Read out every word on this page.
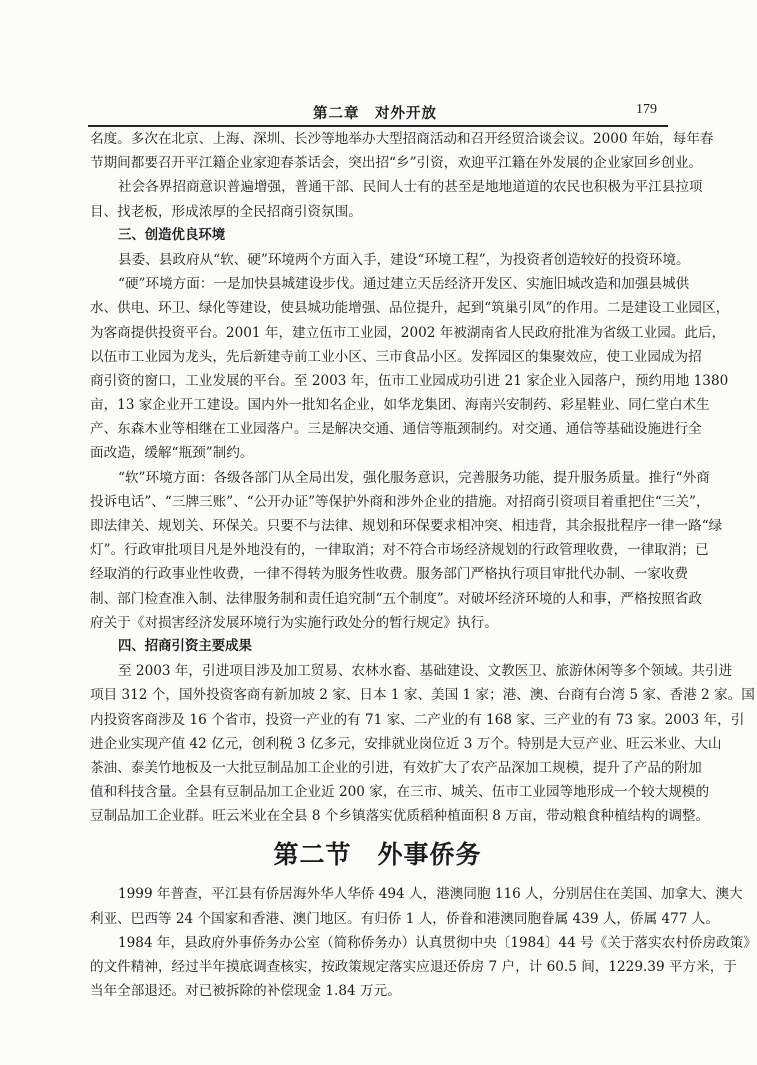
第二章　对外开放	179
名度。多次在北京、上海、深圳、长沙等地举办大型招商活动和召开经贸洽谈会议。2000 年始，每年春
节期间都要召开平江籍企业家迎春茶话会，突出招“乡”引资，欢迎平江籍在外发展的企业家回乡创业。
社会各界招商意识普遍增强，普通干部、民间人士有的甚至是地地道道的农民也积极为平江县拉项
目、找老板，形成浓厚的全民招商引资氛围。
三、创造优良环境
县委、县政府从“软、硬”环境两个方面入手，建设“环境工程”，为投资者创造较好的投资环境。
“硬”环境方面：一是加快县城建设步伐。通过建立天岳经济开发区、实施旧城改造和加强县城供
水、供电、环卫、绿化等建设，使县城功能增强、品位提升，起到“筑巢引凤”的作用。二是建设工业园区，
为客商提供投资平台。2001 年，建立伍市工业园，2002 年被湖南省人民政府批准为省级工业园。此后，
以伍市工业园为龙头，先后新建寺前工业小区、三市食品小区。发挥园区的集聚效应，使工业园成为招
商引资的窗口，工业发展的平台。至 2003 年，伍市工业园成功引进 21 家企业入园落户，预约用地 1380
亩，13 家企业开工建设。国内外一批知名企业，如华龙集团、海南兴安制药、彩星鞋业、同仁堂白术生
产、东森木业等相继在工业园落户。三是解决交通、通信等瓶颈制约。对交通、通信等基础设施进行全
面改造，缓解“瓶颈”制约。
“软”环境方面：各级各部门从全局出发，强化服务意识，完善服务功能，提升服务质量。推行“外商
投诉电话”、“三牌三账”、“公开办证”等保护外商和涉外企业的措施。对招商引资项目着重把住“三关”，
即法律关、规划关、环保关。只要不与法律、规划和环保要求相冲突、相违背，其余报批程序一律一路“绿
灯”。行政审批项目凡是外地没有的，一律取消；对不符合市场经济规划的行政管理收费，一律取消；已
经取消的行政事业性收费，一律不得转为服务性收费。服务部门严格执行项目审批代办制、一家收费
制、部门检查准入制、法律服务制和责任追究制“五个制度”。对破坏经济环境的人和事，严格按照省政
府关于《对损害经济发展环境行为实施行政处分的暂行规定》执行。
四、招商引资主要成果
至 2003 年，引进项目涉及加工贸易、农林水畜、基础建设、文教医卫、旅游休闲等多个领域。共引进
项目 312 个，国外投资客商有新加坡 2 家、日本 1 家、美国 1 家；港、澳、台商有台湾 5 家、香港 2 家。国
内投资客商涉及 16 个省市，投资一产业的有 71 家、二产业的有 168 家、三产业的有 73 家。2003 年，引
进企业实现产值 42 亿元，创利税 3 亿多元，安排就业岗位近 3 万个。特别是大豆产业、旺云米业、大山
茶油、泰美竹地板及一大批豆制品加工企业的引进，有效扩大了农产品深加工规模，提升了产品的附加
值和科技含量。全县有豆制品加工企业近 200 家，在三市、城关、伍市工业园等地形成一个较大规模的
豆制品加工企业群。旺云米业在全县 8 个乡镇落实优质稻种植面积 8 万亩，带动粮食种植结构的调整。
第二节　外事侨务
1999 年普查，平江县有侨居海外华人华侨 494 人，港澳同胞 116 人，分别居住在美国、加拿大、澳大
利亚、巴西等 24 个国家和香港、澳门地区。有归侨 1 人，侨眷和港澳同胞眷属 439 人，侨属 477 人。
1984 年，县政府外事侨务办公室（简称侨务办）认真贯彻中央〔1984〕44 号《关于落实农村侨房政策》
的文件精神，经过半年摸底调查核实，按政策规定落实应退还侨房 7 户，计 60.5 间，1229.39 平方米，于
当年全部退还。对已被拆除的补偿现金 1.84 万元。
